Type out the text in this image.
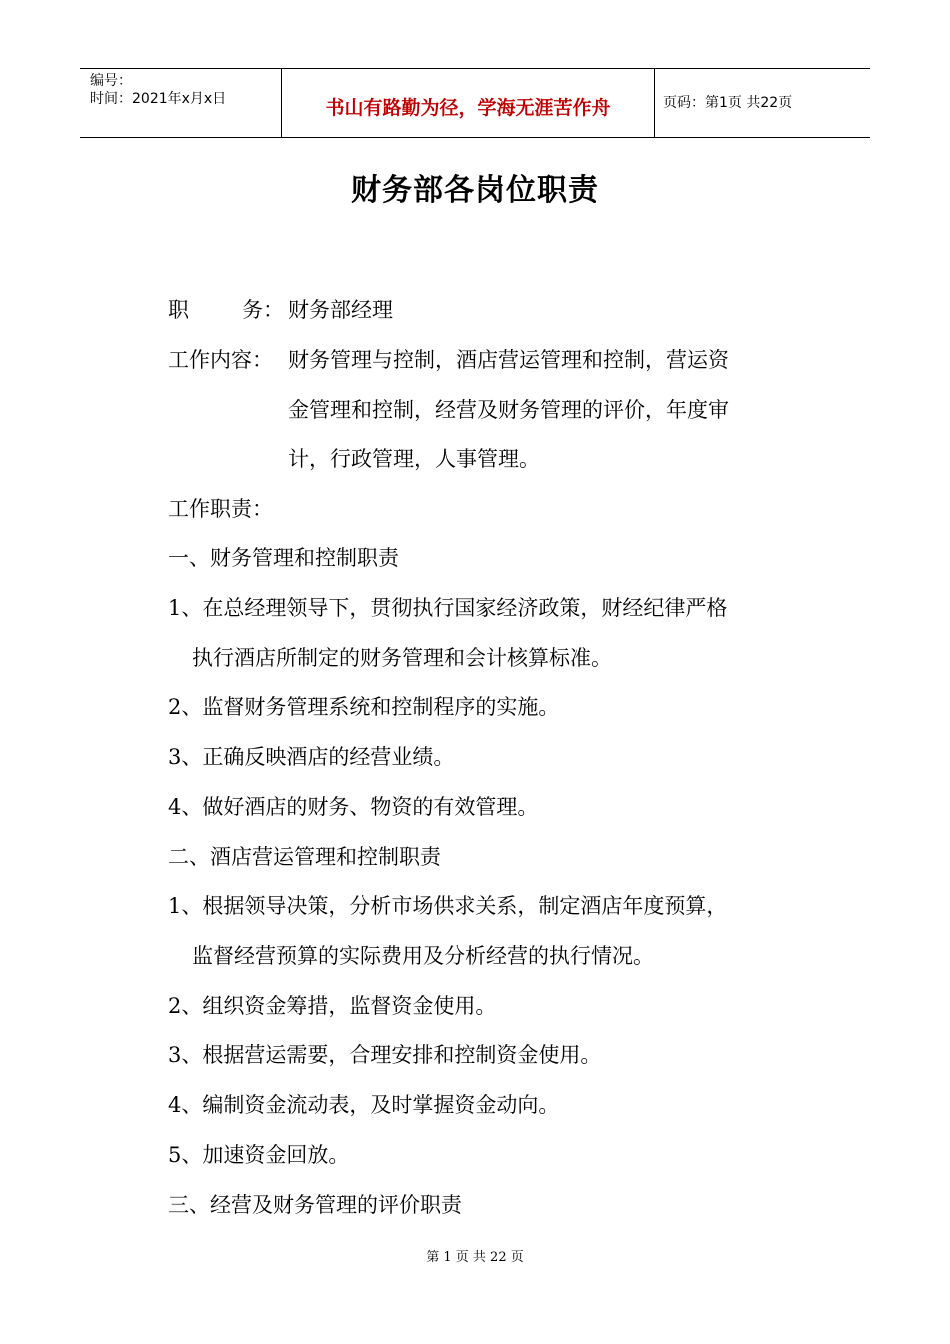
编号：
时间：2021年x月x日	书山有路勤为径，学海无涯苦作舟	页码：第1页 共22页
财务部各岗位职责
职	务： 财务部经理
工作内容： 财务管理与控制，酒店营运管理和控制，营运资
金管理和控制，经营及财务管理的评价，年度审
计，行政管理，人事管理。
工作职责：
一、财务管理和控制职责
1、在总经理领导下，贯彻执行国家经济政策，财经纪律严格
执行酒店所制定的财务管理和会计核算标准。
2、监督财务管理系统和控制程序的实施。
3、正确反映酒店的经营业绩。
4、做好酒店的财务、物资的有效管理。
二、酒店营运管理和控制职责
1、根据领导决策，分析市场供求关系，制定酒店年度预算，
监督经营预算的实际费用及分析经营的执行情况。
2、组织资金筹措，监督资金使用。
3、根据营运需要，合理安排和控制资金使用。
4、编制资金流动表，及时掌握资金动向。
5、加速资金回放。
三、经营及财务管理的评价职责
第 1 页 共 22 页
